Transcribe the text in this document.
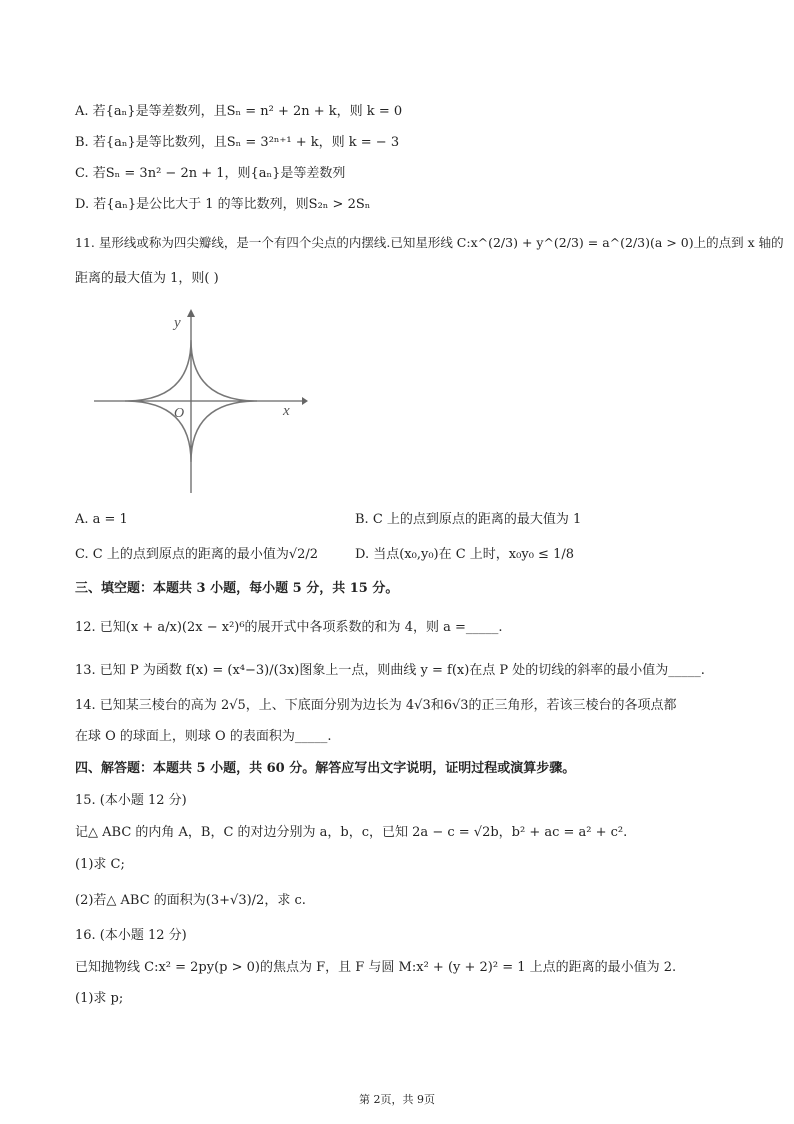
A. 若{aₙ}是等差数列，且Sₙ = n² + 2n + k，则 k = 0
B. 若{aₙ}是等比数列，且Sₙ = 3²ⁿ⁺¹ + k，则 k = − 3
C. 若Sₙ = 3n² − 2n + 1，则{aₙ}是等差数列
D. 若{aₙ}是公比大于 1 的等比数列，则S₂ₙ > 2Sₙ
11. 星形线或称为四尖瓣线，是一个有四个尖点的内摆线.已知星形线 C:x^(2/3) + y^(2/3) = a^(2/3)(a > 0)上的点到 x 轴的
距离的最大值为 1，则( )
y
x
O
A. a = 1	B. C 上的点到原点的距离的最大值为 1
C. C 上的点到原点的距离的最小值为√2/2	D. 当点(x₀,y₀)在 C 上时，x₀y₀ ≤ 1/8
三、填空题：本题共 3 小题，每小题 5 分，共 15 分。
12. 已知(x + a/x)(2x − x²)⁶的展开式中各项系数的和为 4，则 a =_____.
13. 已知 P 为函数 f(x) = (x⁴−3)/(3x)图象上一点，则曲线 y = f(x)在点 P 处的切线的斜率的最小值为_____.
14. 已知某三棱台的高为 2√5，上、下底面分别为边长为 4√3和6√3的正三角形，若该三棱台的各项点都
在球 O 的球面上，则球 O 的表面积为_____.
四、解答题：本题共 5 小题，共 60 分。解答应写出文字说明，证明过程或演算步骤。
15. (本小题 12 分)
记△ ABC 的内角 A，B，C 的对边分别为 a，b，c，已知 2a − c = √2b，b² + ac = a² + c².
(1)求 C;
(2)若△ ABC 的面积为(3+√3)/2，求 c.
16. (本小题 12 分)
已知抛物线 C:x² = 2py(p > 0)的焦点为 F，且 F 与圆 M:x² + (y + 2)² = 1 上点的距离的最小值为 2.
(1)求 p;
第 2页，共 9页
